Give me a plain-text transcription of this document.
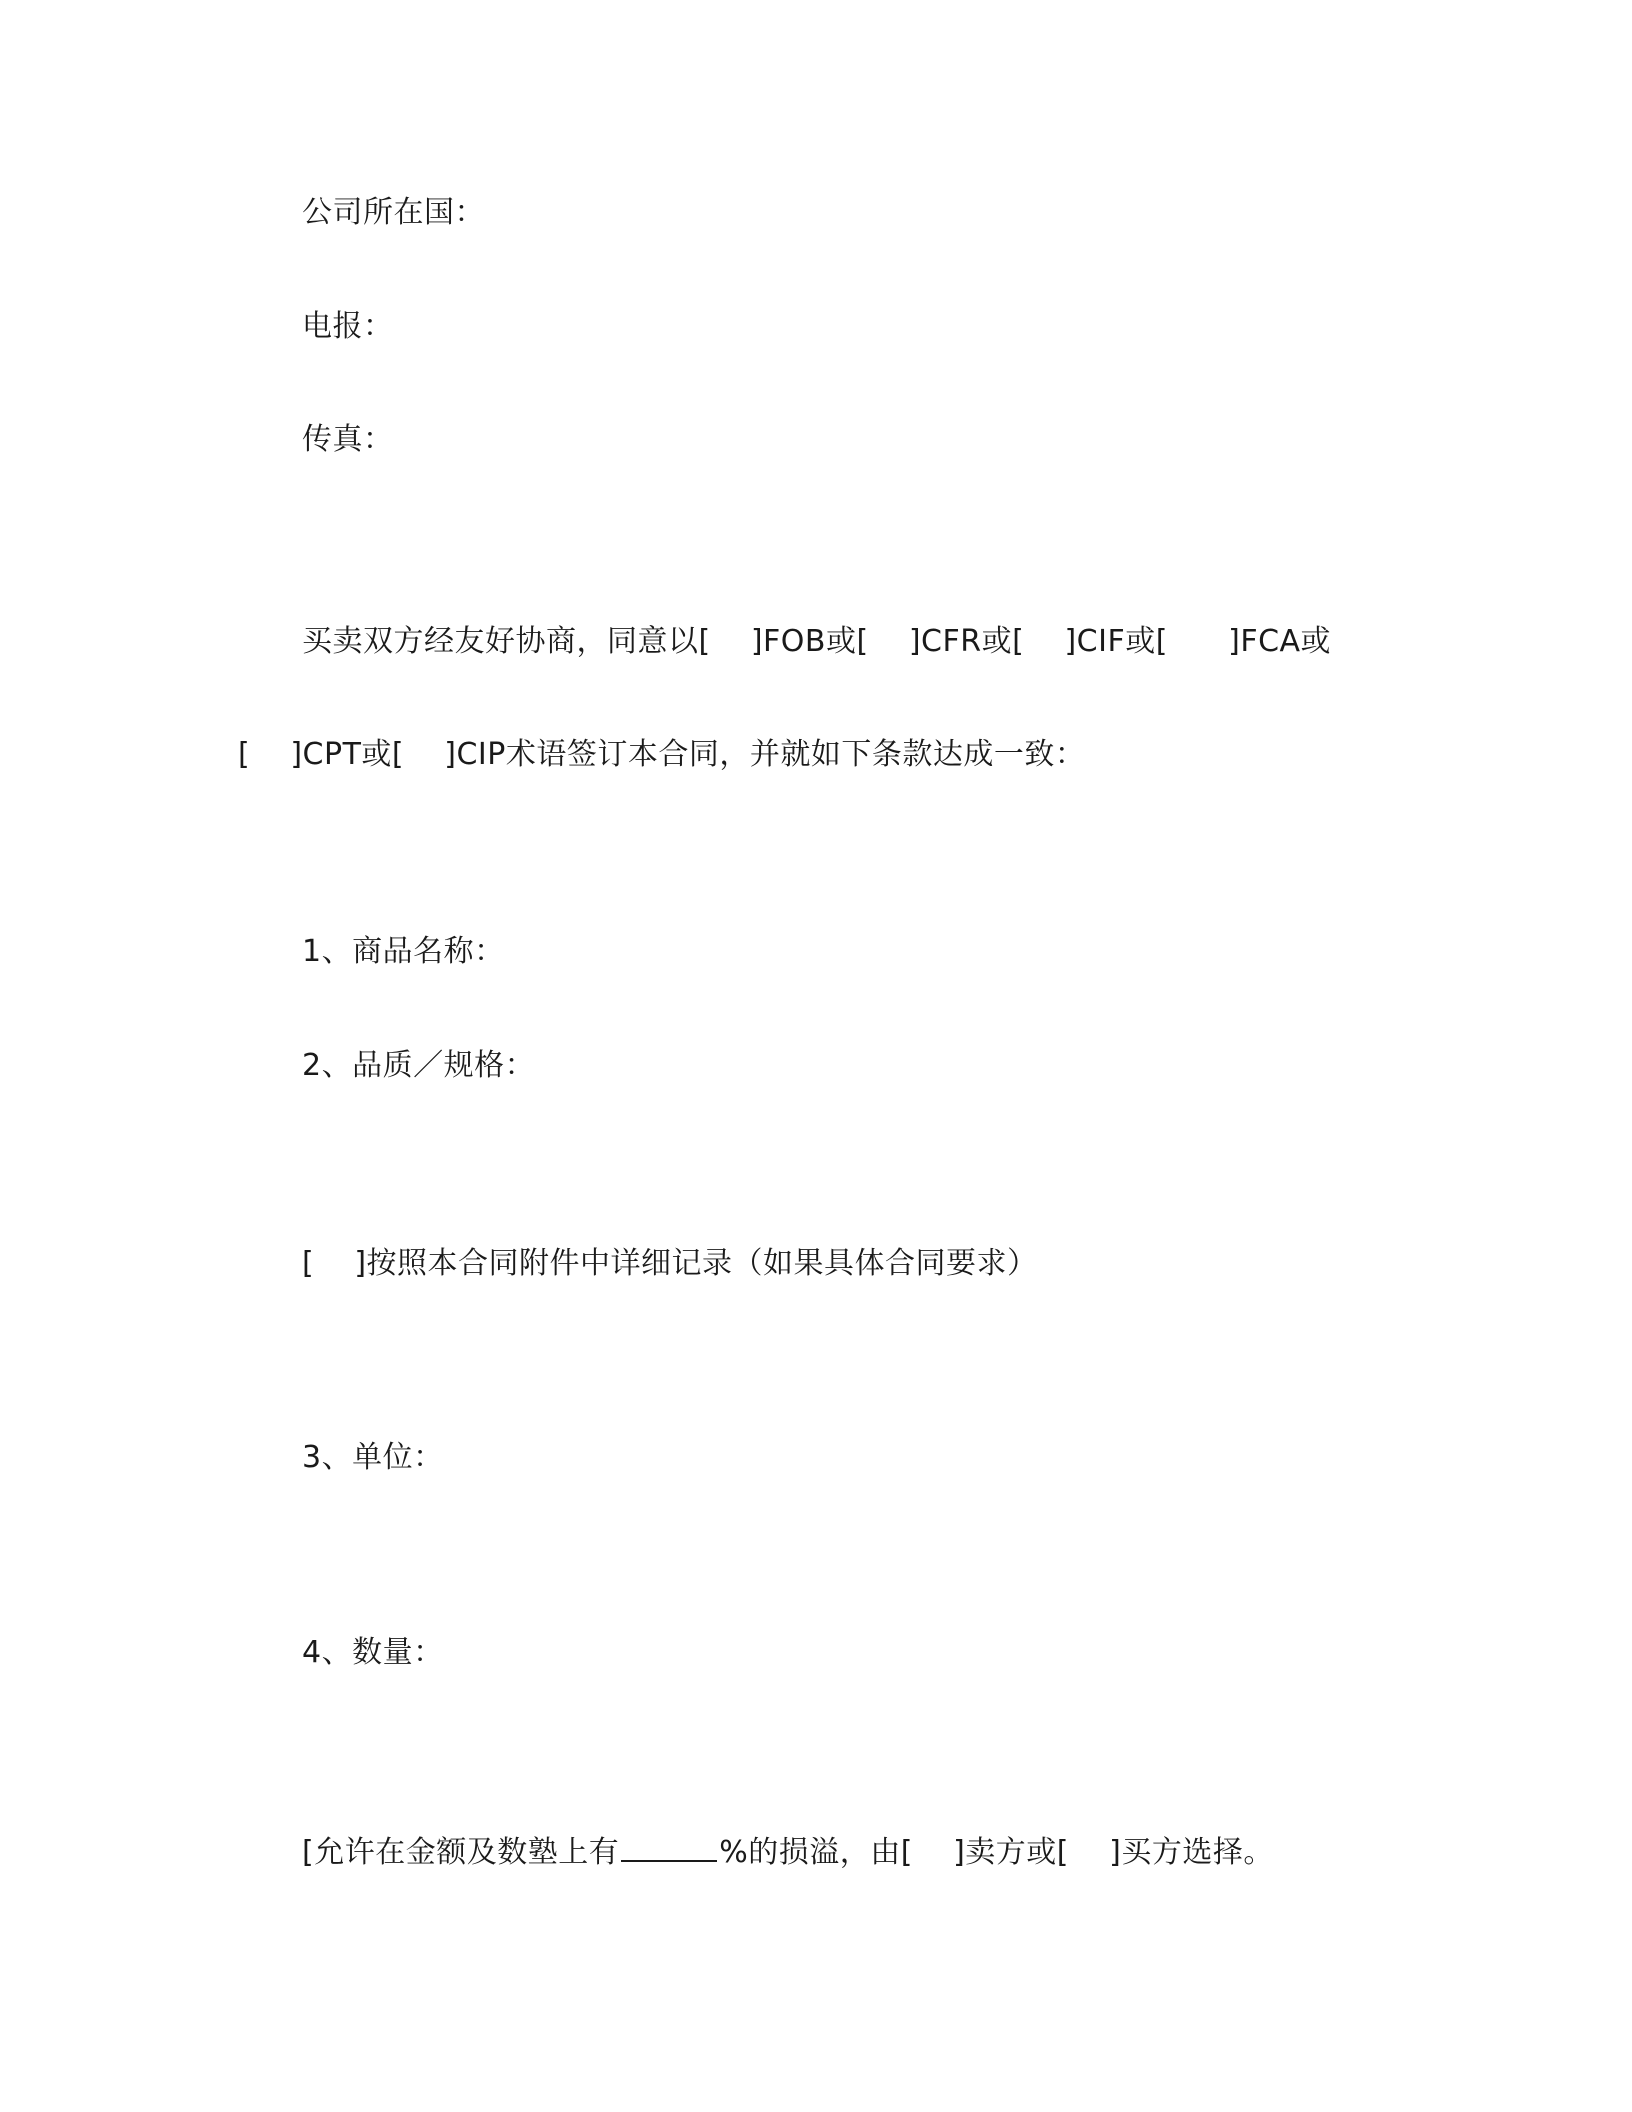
公司所在国：
电报：
传真：
买卖双方经友好协商，同意以[    ]FOB或[    ]CFR或[    ]CIF或[      ]FCA或
[    ]CPT或[    ]CIP术语签订本合同，并就如下条款达成一致：
1、商品名称：
2、品质／规格：
[    ]按照本合同附件中详细记录（如果具体合同要求）
3、单位：
4、数量：
[允许在金额及数塾上有	%的损溢，由[    ]卖方或[    ]买方选择。
